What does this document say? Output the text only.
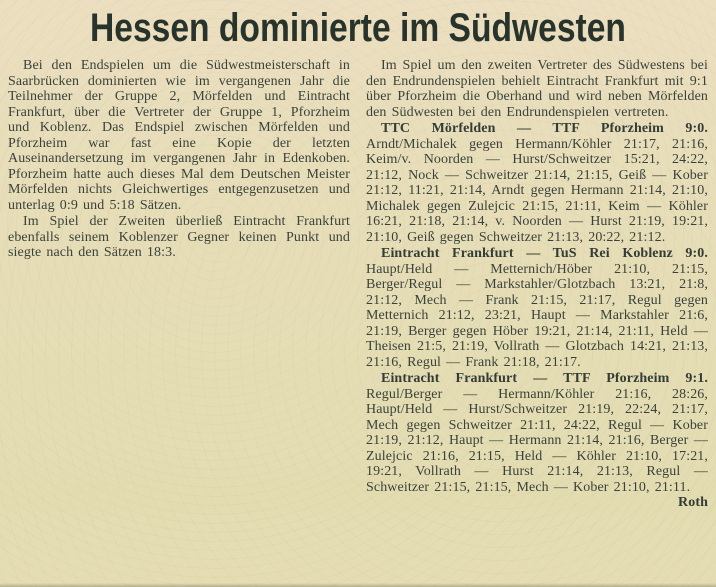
Hessen dominierte im Südwesten

Bei den Endspielen um die Südwestmeisterschaft in Saarbrücken dominierten wie im vergangenen Jahr die Teilnehmer der Gruppe 2, Mörfelden und Eintracht Frankfurt, über die Vertreter der Gruppe 1, Pforzheim und Koblenz. Das Endspiel zwischen Mörfelden und Pforzheim war fast eine Kopie der letzten Auseinandersetzung im vergangenen Jahr in Edenkoben. Pforzheim hatte auch dieses Mal dem Deutschen Meister Mörfelden nichts Gleichwertiges entgegenzusetzen und unterlag 0:9 und 5:18 Sätzen.

Im Spiel der Zweiten überließ Eintracht Frankfurt ebenfalls seinem Koblenzer Gegner keinen Punkt und siegte nach den Sätzen 18:3.

Im Spiel um den zweiten Vertreter des Südwestens bei den Endrundenspielen behielt Eintracht Frankfurt mit 9:1 über Pforzheim die Oberhand und wird neben Mörfelden den Südwesten bei den Endrundenspielen vertreten.

TTC Mörfelden — TTF Pforzheim 9:0. Arndt/Michalek gegen Hermann/Köhler 21:17, 21:16, Keim/v. Noorden — Hurst/Schweitzer 15:21, 24:22, 21:12, Nock — Schweitzer 21:14, 21:15, Geiß — Kober 21:12, 11:21, 21:14, Arndt gegen Hermann 21:14, 21:10, Michalek gegen Zulejcic 21:15, 21:11, Keim — Köhler 16:21, 21:18, 21:14, v. Noorden — Hurst 21:19, 19:21, 21:10, Geiß gegen Schweitzer 21:13, 20:22, 21:12.

Eintracht Frankfurt — TuS Rei Koblenz 9:0. Haupt/Held — Metternich/Höber 21:10, 21:15, Berger/Regul — Markstahler/Glotzbach 13:21, 21:8, 21:12, Mech — Frank 21:15, 21:17, Regul gegen Metternich 21:12, 23:21, Haupt — Markstahler 21:6, 21:19, Berger gegen Höber 19:21, 21:14, 21:11, Held — Theisen 21:5, 21:19, Vollrath — Glotzbach 14:21, 21:13, 21:16, Regul — Frank 21:18, 21:17.

Eintracht Frankfurt — TTF Pforzheim 9:1. Regul/Berger — Hermann/Köhler 21:16, 28:26, Haupt/Held — Hurst/Schweitzer 21:19, 22:24, 21:17, Mech gegen Schweitzer 21:11, 24:22, Regul — Kober 21:19, 21:12, Haupt — Hermann 21:14, 21:16, Berger — Zulejcic 21:16, 21:15, Held — Köhler 21:10, 17:21, 19:21, Vollrath — Hurst 21:14, 21:13, Regul — Schweitzer 21:15, 21:15, Mech — Kober 21:10, 21:11.
Roth
